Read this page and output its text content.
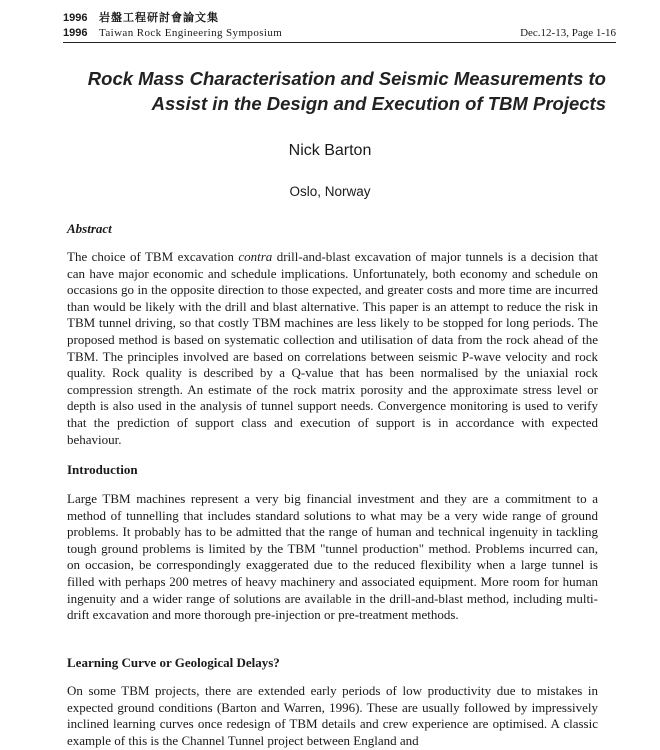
1996	岩盤工程研討會論文集
1996	Taiwan Rock Engineering Symposium	Dec.12-13, Page 1-16
Rock Mass Characterisation and Seismic Measurements to
Assist in the Design and Execution of TBM Projects
Nick Barton
Oslo, Norway
Abstract

The choice of TBM excavation contra drill-and-blast excavation of major tunnels is a decision that can have major economic and schedule implications. Unfortunately, both economy and schedule on occasions go in the opposite direction to those expected, and greater costs and more time are incurred than would be likely with the drill and blast alternative. This paper is an attempt to reduce the risk in TBM tunnel driving, so that costly TBM machines are less likely to be stopped for long periods. The proposed method is based on systematic collection and utilisation of data from the rock ahead of the TBM. The principles involved are based on correlations between seismic P-wave velocity and rock quality. Rock quality is described by a Q-value that has been normalised by the uniaxial rock compression strength. An estimate of the rock matrix porosity and the approximate stress level or depth is also used in the analysis of tunnel support needs. Convergence monitoring is used to verify that the prediction of support class and execution of support is in accordance with expected behaviour.

Introduction

Large TBM machines represent a very big financial investment and they are a commitment to a method of tunnelling that includes standard solutions to what may be a very wide range of ground problems. It probably has to be admitted that the range of human and technical ingenuity in tackling tough ground problems is limited by the TBM "tunnel production" method. Problems incurred can, on occasion, be correspondingly exaggerated due to the reduced flexibility when a large tunnel is filled with perhaps 200 metres of heavy machinery and associated equipment. More room for human ingenuity and a wider range of solutions are available in the drill-and-blast method, including multi-drift excavation and more thorough pre-injection or pre-treatment methods.

Learning Curve or Geological Delays?

On some TBM projects, there are extended early periods of low productivity due to mistakes in expected ground conditions (Barton and Warren, 1996). These are usually followed by impressively inclined learning curves once redesign of TBM details and crew experience are optimised. A classic example of this is the Channel Tunnel project between England and
